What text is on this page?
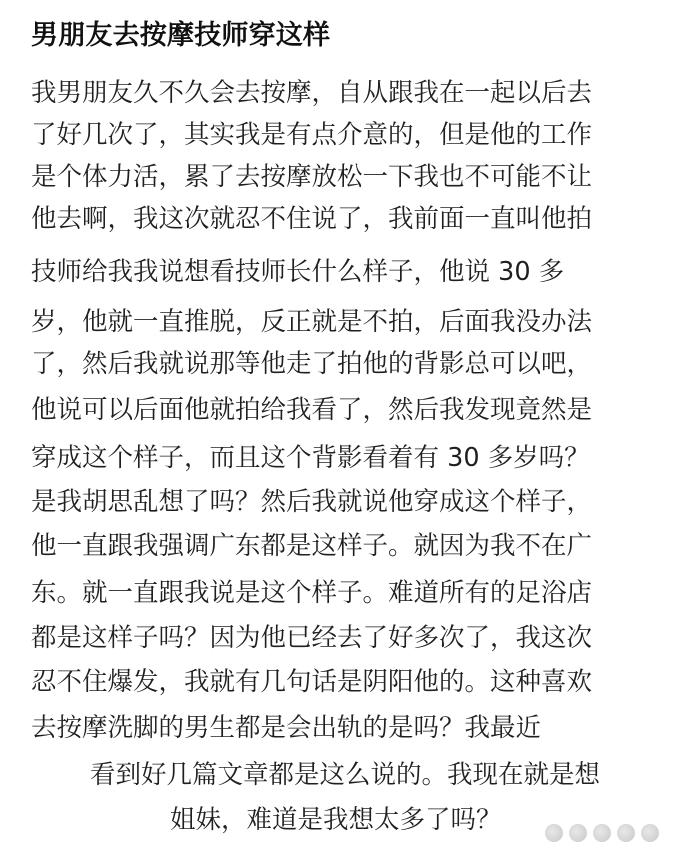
男朋友去按摩技师穿这样
我男朋友久不久会去按摩，自从跟我在一起以后去
了好几次了，其实我是有点介意的，但是他的工作
是个体力活，累了去按摩放松一下我也不可能不让
他去啊，我这次就忍不住说了，我前面一直叫他拍
技师给我我说想看技师长什么样子，他说 30 多
岁，他就一直推脱，反正就是不拍，后面我没办法
了，然后我就说那等他走了拍他的背影总可以吧，
他说可以后面他就拍给我看了，然后我发现竟然是
穿成这个样子，而且这个背影看着有 30 多岁吗？
是我胡思乱想了吗？然后我就说他穿成这个样子，
他一直跟我强调广东都是这样子。就因为我不在广
东。就一直跟我说是这个样子。难道所有的足浴店
都是这样子吗？因为他已经去了好多次了，我这次
忍不住爆发，我就有几句话是阴阳他的。这种喜欢
去按摩洗脚的男生都是会出轨的是吗？我最近
看到好几篇文章都是这么说的。我现在就是想
姐妹，难道是我想太多了吗？
